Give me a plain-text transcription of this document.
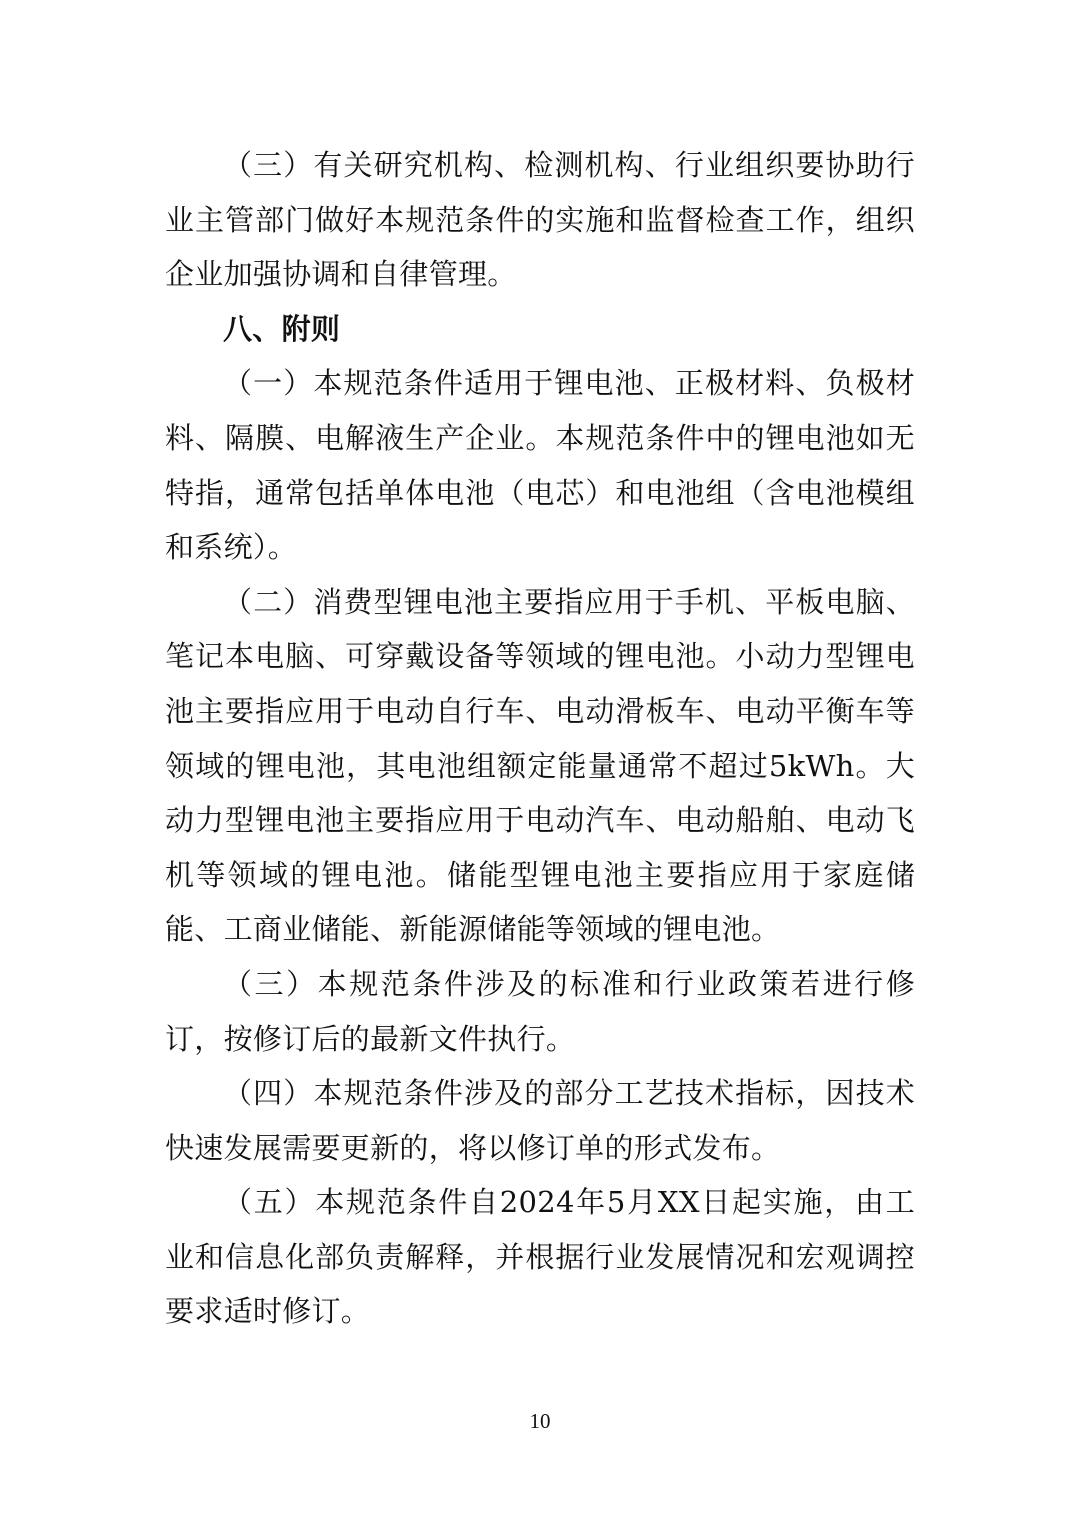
（三）有关研究机构、检测机构、行业组织要协助行业主管部门做好本规范条件的实施和监督检查工作，组织企业加强协调和自律管理。

八、附则

（一）本规范条件适用于锂电池、正极材料、负极材料、隔膜、电解液生产企业。本规范条件中的锂电池如无特指，通常包括单体电池（电芯）和电池组（含电池模组和系统）。

（二）消费型锂电池主要指应用于手机、平板电脑、笔记本电脑、可穿戴设备等领域的锂电池。小动力型锂电池主要指应用于电动自行车、电动滑板车、电动平衡车等领域的锂电池，其电池组额定能量通常不超过5kWh。大动力型锂电池主要指应用于电动汽车、电动船舶、电动飞机等领域的锂电池。储能型锂电池主要指应用于家庭储能、工商业储能、新能源储能等领域的锂电池。

（三）本规范条件涉及的标准和行业政策若进行修订，按修订后的最新文件执行。

（四）本规范条件涉及的部分工艺技术指标，因技术快速发展需要更新的，将以修订单的形式发布。

（五）本规范条件自2024年5月XX日起实施，由工业和信息化部负责解释，并根据行业发展情况和宏观调控要求适时修订。

10
